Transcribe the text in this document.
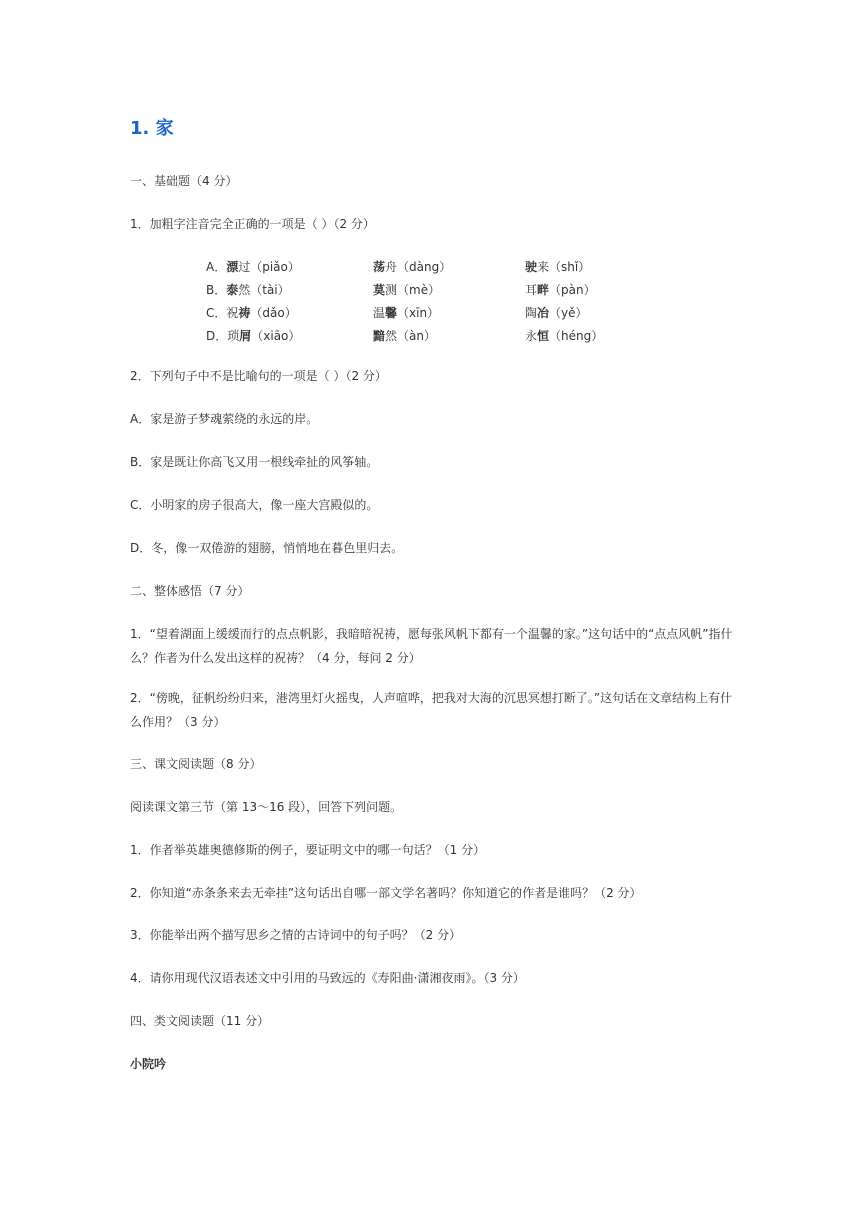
1. 家
一、基础题（4 分）
1．加粗字注音完全正确的一项是（ ）（2 分）
A．漂过（piǎo）	荡舟（dàng）	驶来（shǐ）
B．泰然（tài）	莫测（mè）	耳畔（pàn）
C．祝祷（dǎo）	温馨（xīn）	陶冶（yě）
D．琐屑（xiāo）	黯然（àn）	永恒（héng）
2．下列句子中不是比喻句的一项是（ ）（2 分）
A．家是游子梦魂萦绕的永远的岸。
B．家是既让你高飞又用一根线牵扯的风筝轴。
C．小明家的房子很高大，像一座大宫殿似的。
D．冬，像一双倦游的翅膀，悄悄地在暮色里归去。
二、整体感悟（7 分）
1．“望着湖面上缓缓而行的点点帆影，我暗暗祝祷，愿每张风帆下都有一个温馨的家。”这句话中的“点点风帆”指什么？作者为什么发出这样的祝祷？（4 分，每问 2 分）
2．“傍晚，征帆纷纷归来，港湾里灯火摇曳，人声喧哗，把我对大海的沉思冥想打断了。”这句话在文章结构上有什么作用？（3 分）
三、课文阅读题（8 分）
阅读课文第三节（第 13～16 段），回答下列问题。
1．作者举英雄奥德修斯的例子，要证明文中的哪一句话？（1 分）
2．你知道“赤条条来去无牵挂”这句话出自哪一部文学名著吗？你知道它的作者是谁吗？（2 分）
3．你能举出两个描写思乡之情的古诗词中的句子吗？（2 分）
4．请你用现代汉语表述文中引用的马致远的《寿阳曲·潇湘夜雨》。（3 分）
四、类文阅读题（11 分）
小院吟
